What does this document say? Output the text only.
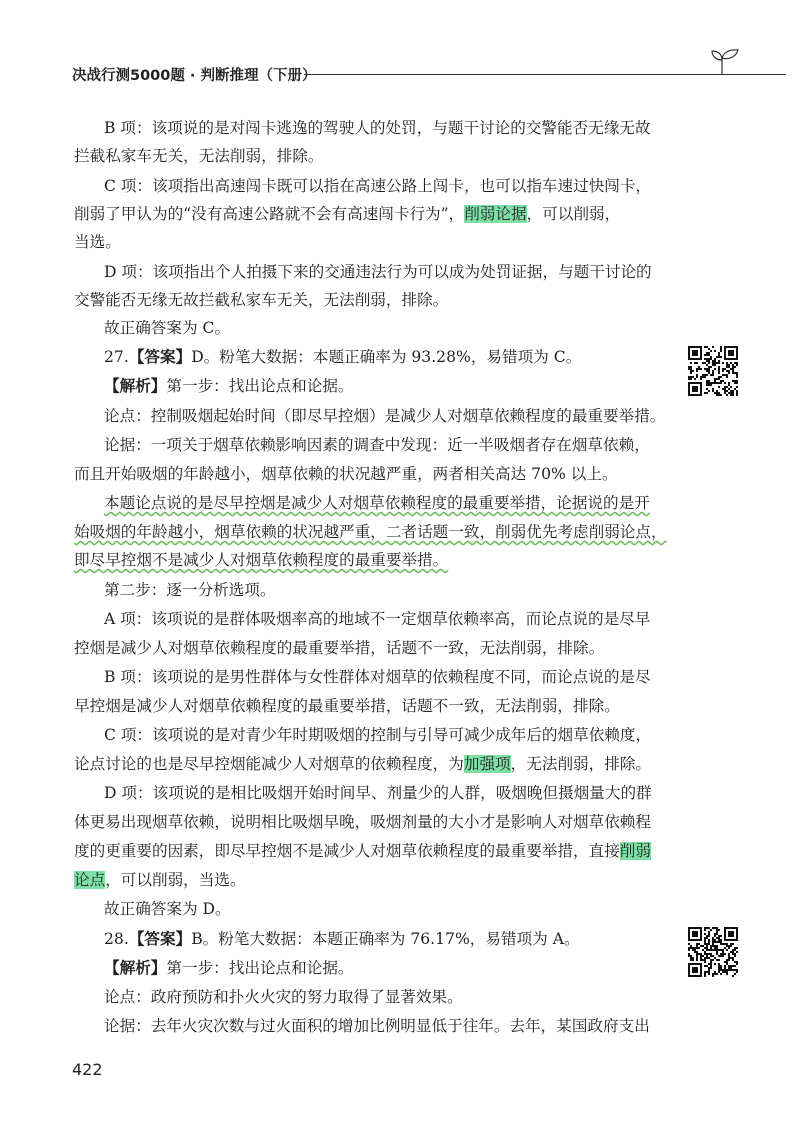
决战行测5000题 · 判断推理（下册）
B 项：该项说的是对闯卡逃逸的驾驶人的处罚，与题干讨论的交警能否无缘无故
拦截私家车无关，无法削弱，排除。
C 项：该项指出高速闯卡既可以指在高速公路上闯卡，也可以指车速过快闯卡，
削弱了甲认为的“没有高速公路就不会有高速闯卡行为”，削弱论据，可以削弱，
当选。
D 项：该项指出个人拍摄下来的交通违法行为可以成为处罚证据，与题干讨论的
交警能否无缘无故拦截私家车无关，无法削弱，排除。
故正确答案为 C。
27.【答案】D。粉笔大数据：本题正确率为 93.28%，易错项为 C。
【解析】第一步：找出论点和论据。
论点：控制吸烟起始时间（即尽早控烟）是减少人对烟草依赖程度的最重要举措。
论据：一项关于烟草依赖影响因素的调查中发现：近一半吸烟者存在烟草依赖，
而且开始吸烟的年龄越小，烟草依赖的状况越严重，两者相关高达 70% 以上。
本题论点说的是尽早控烟是减少人对烟草依赖程度的最重要举措，论据说的是开
始吸烟的年龄越小，烟草依赖的状况越严重，二者话题一致，削弱优先考虑削弱论点，
即尽早控烟不是减少人对烟草依赖程度的最重要举措。
第二步：逐一分析选项。
A 项：该项说的是群体吸烟率高的地域不一定烟草依赖率高，而论点说的是尽早
控烟是减少人对烟草依赖程度的最重要举措，话题不一致，无法削弱，排除。
B 项：该项说的是男性群体与女性群体对烟草的依赖程度不同，而论点说的是尽
早控烟是减少人对烟草依赖程度的最重要举措，话题不一致，无法削弱，排除。
C 项：该项说的是对青少年时期吸烟的控制与引导可减少成年后的烟草依赖度，
论点讨论的也是尽早控烟能减少人对烟草的依赖程度，为加强项，无法削弱，排除。
D 项：该项说的是相比吸烟开始时间早、剂量少的人群，吸烟晚但摄烟量大的群
体更易出现烟草依赖，说明相比吸烟早晚，吸烟剂量的大小才是影响人对烟草依赖程
度的更重要的因素，即尽早控烟不是减少人对烟草依赖程度的最重要举措，直接削弱
论点，可以削弱，当选。
故正确答案为 D。
28.【答案】B。粉笔大数据：本题正确率为 76.17%，易错项为 A。
【解析】第一步：找出论点和论据。
论点：政府预防和扑火火灾的努力取得了显著效果。
论据：去年火灾次数与过火面积的增加比例明显低于往年。去年，某国政府支出
422
